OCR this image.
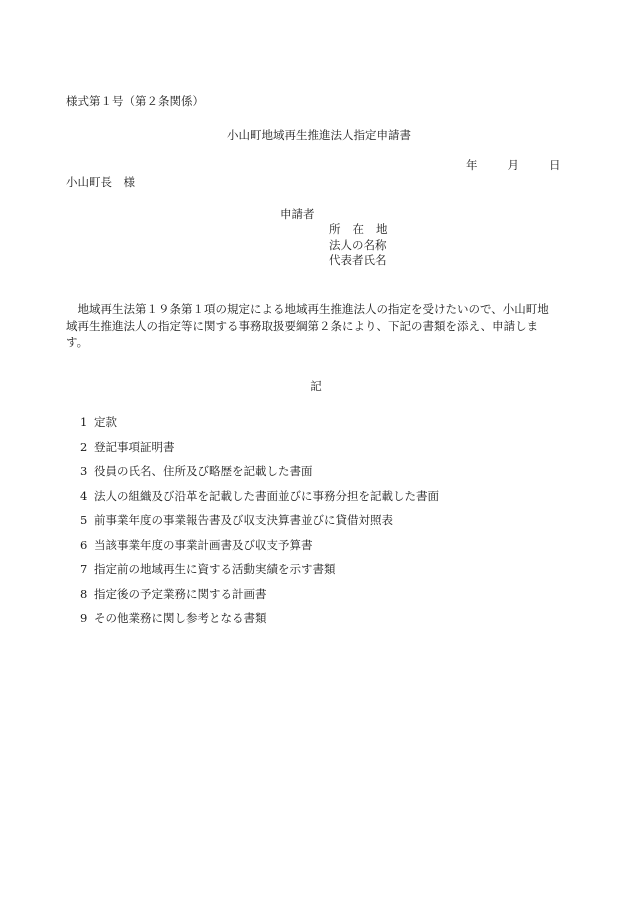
様式第１号（第２条関係）
小山町地域再生推進法人指定申請書
年	月	日
小山町長　様
申請者
所 在 地
法人の名称
代表者氏名
地域再生法第１９条第１項の規定による地域再生推進法人の指定を受けたいので、小山町地域再生推進法人の指定等に関する事務取扱要綱第２条により、下記の書類を添え、申請します。
記
1 定款
2 登記事項証明書
3 役員の氏名、住所及び略歴を記載した書面
4 法人の組織及び沿革を記載した書面並びに事務分担を記載した書面
5 前事業年度の事業報告書及び収支決算書並びに貸借対照表
6 当該事業年度の事業計画書及び収支予算書
7 指定前の地域再生に資する活動実績を示す書類
8 指定後の予定業務に関する計画書
9 その他業務に関し参考となる書類
